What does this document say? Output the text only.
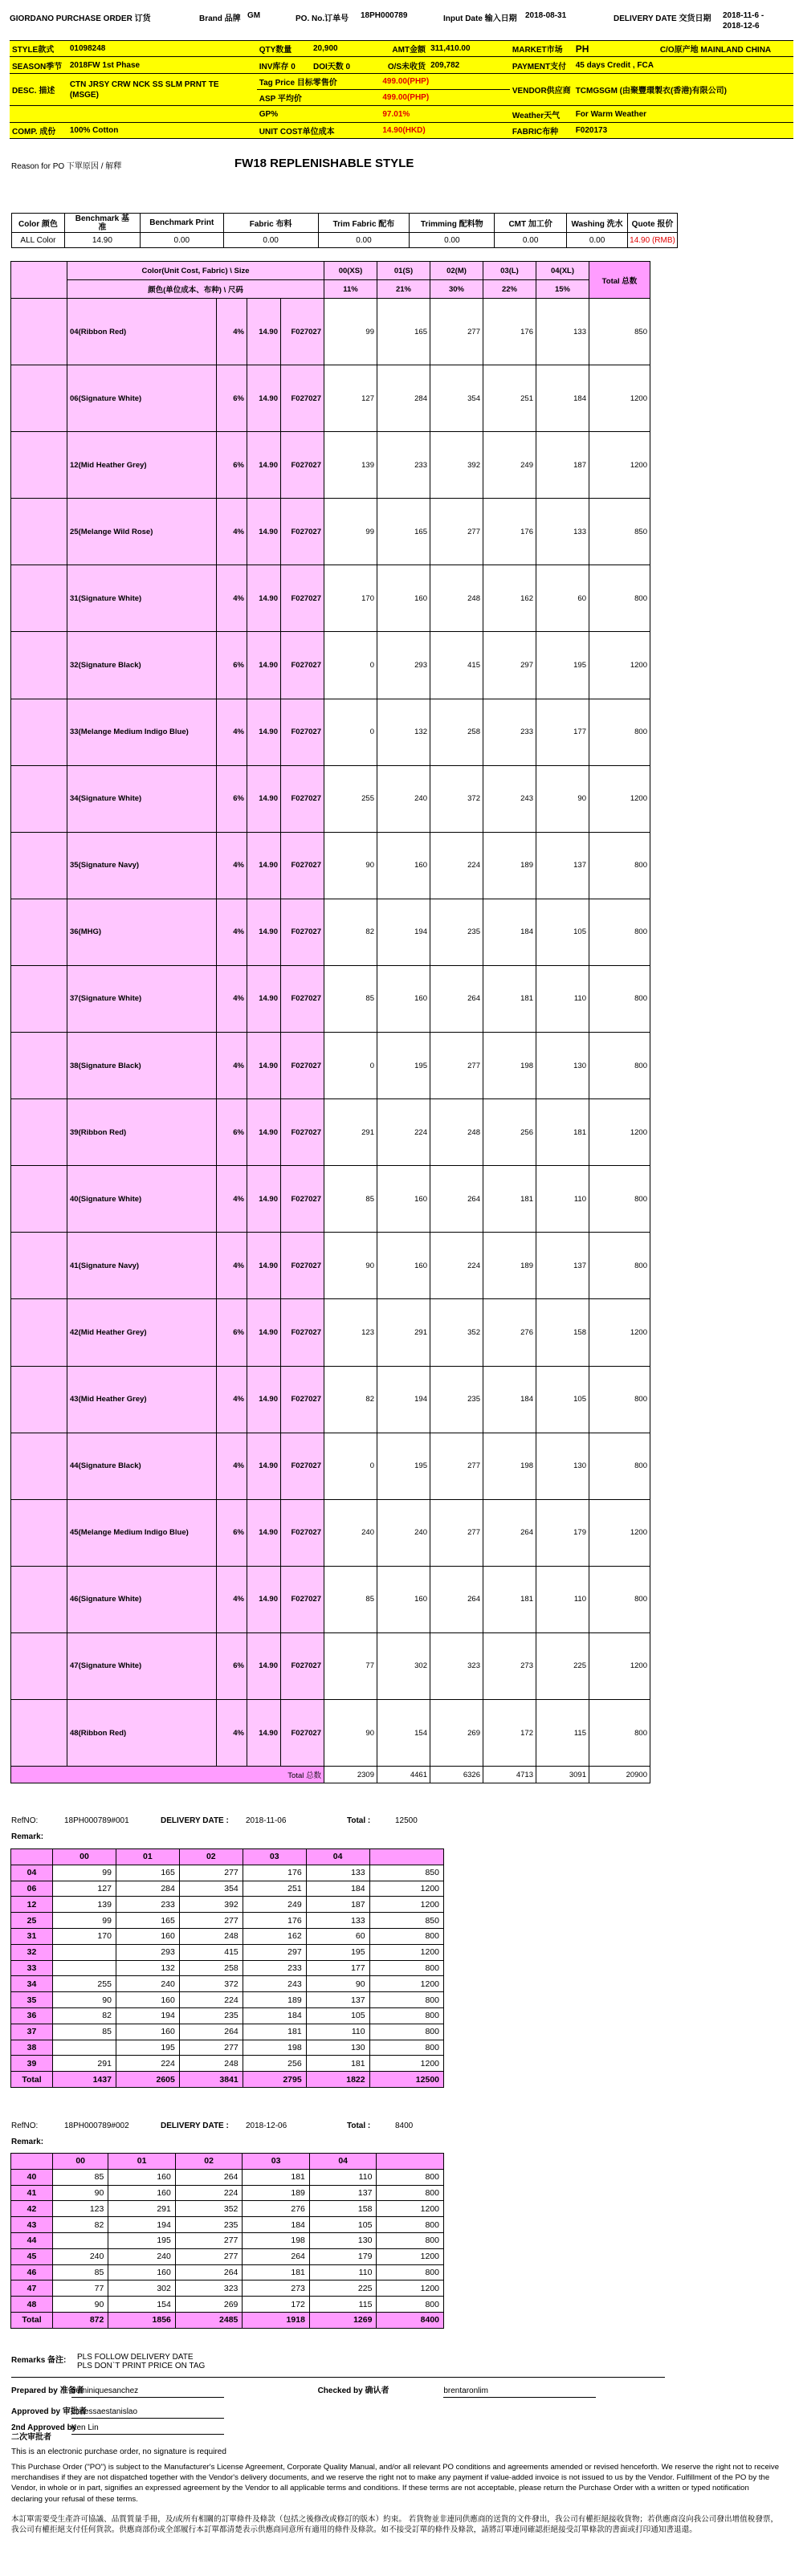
GIORDANO PURCHASE ORDER 订货	Brand 品牌 GM	PO. No.订单号 18PH000789	Input Date 输入日期 2018-08-31	DELIVERY DATE 交货日期 2018-11-6 -
2018-12-6
STYLE款式	01098248	QTY数量	20,900	AMT金额	311,410.00	MARKET市场	PH	C/O原产地 MAINLAND CHINA
SEASON季节	2018FW 1st Phase	INV库存 0	DOI天数 0	O/S未收货	209,782	PAYMENT支付	45 days Credit , FCA	
DESC. 描述	CTN JRSY CRW NCK SS SLM PRNT TE
(MSGE)	Tag Price 目标零售价		499.00(PHP)		VENDOR供应商	TCMGSGM (由聚豐環製衣(香港)有限公司)	
		ASP 平均价		499.00(PHP)				
		GP%		97.01%		Weather天气	For Warm Weather	
COMP. 成份	100% Cotton	UNIT COST单位成本		14.90(HKD)		FABRIC布种	F020173	
Reason for PO 下單原因 / 解釋	FW18 REPLENISHABLE STYLE
Color 颜色	Benchmark 基
准	Benchmark Print	Fabric 布料	Trim Fabric 配布	Trimming 配料物	CMT 加工价	Washing 洗水	Quote 报价
ALL Color	14.90	0.00	0.00	0.00	0.00	0.00	0.00	14.90 (RMB)
	Color(Unit Cost, Fabric) \ Size				00(XS)	01(S)	02(M)	03(L)	04(XL)	Total 总数
	颜色(单位成本、布种) \ 尺码				11%	21%	30%	22%	15%	
	04(Ribbon Red)	4%	14.90	F027027	99	165	277	176	133	850
	06(Signature White)	6%	14.90	F027027	127	284	354	251	184	1200
	12(Mid Heather Grey)	6%	14.90	F027027	139	233	392	249	187	1200
	25(Melange Wild Rose)	4%	14.90	F027027	99	165	277	176	133	850
	31(Signature White)	4%	14.90	F027027	170	160	248	162	60	800
	32(Signature Black)	6%	14.90	F027027	0	293	415	297	195	1200
	33(Melange Medium Indigo Blue)	4%	14.90	F027027	0	132	258	233	177	800
	34(Signature White)	6%	14.90	F027027	255	240	372	243	90	1200
	35(Signature Navy)	4%	14.90	F027027	90	160	224	189	137	800
	36(MHG)	4%	14.90	F027027	82	194	235	184	105	800
	37(Signature White)	4%	14.90	F027027	85	160	264	181	110	800
	38(Signature Black)	4%	14.90	F027027	0	195	277	198	130	800
	39(Ribbon Red)	6%	14.90	F027027	291	224	248	256	181	1200
	40(Signature White)	4%	14.90	F027027	85	160	264	181	110	800
	41(Signature Navy)	4%	14.90	F027027	90	160	224	189	137	800
	42(Mid Heather Grey)	6%	14.90	F027027	123	291	352	276	158	1200
	43(Mid Heather Grey)	4%	14.90	F027027	82	194	235	184	105	800
	44(Signature Black)	4%	14.90	F027027	0	195	277	198	130	800
	45(Melange Medium Indigo Blue)	6%	14.90	F027027	240	240	277	264	179	1200
	46(Signature White)	4%	14.90	F027027	85	160	264	181	110	800
	47(Signature White)	6%	14.90	F027027	77	302	323	273	225	1200
	48(Ribbon Red)	4%	14.90	F027027	90	154	269	172	115	800
Total 总数					2309	4461	6326	4713	3091	20900
RefNO:	18PH000789#001	DELIVERY DATE : 2018-11-06	Total :	12500
Remark:
	00	01	02	03	04	
04	99	165	277	176	133	850
06	127	284	354	251	184	1200
12	139	233	392	249	187	1200
25	99	165	277	176	133	850
31	170	160	248	162	60	800
32		293	415	297	195	1200
33		132	258	233	177	800
34	255	240	372	243	90	1200
35	90	160	224	189	137	800
36	82	194	235	184	105	800
37	85	160	264	181	110	800
38		195	277	198	130	800
39	291	224	248	256	181	1200
Total	1437	2605	3841	2795	1822	12500
RefNO:	18PH000789#002	DELIVERY DATE : 2018-12-06	Total :	8400
Remark:
	00	01	02	03	04	
40	85	160	264	181	110	800
41	90	160	224	189	137	800
42	123	291	352	276	158	1200
43	82	194	235	184	105	800
44		195	277	198	130	800
45	240	240	277	264	179	1200
46	85	160	264	181	110	800
47	77	302	323	273	225	1200
48	90	154	269	172	115	800
Total	872	1856	2485	1918	1269	8400
Remarks 备注:	PLS FOLLOW DELIVERY DATE
PLS DON`T PRINT PRICE ON TAG
Prepared by 准备者 dominiquesanchez	Checked by 确认者	brentaronlim
Approved by 审批者 vanessaestanislao
2nd Approved by
二次审批者 Ken Lin
This is an electronic purchase order, no signature is required
This Purchase Order ("PO") is subject to the Manufacturer's License Agreement, Corporate Quality Manual, and/or all relevant PO conditions and agreements amended or revised henceforth. We reserve the right not to receive merchandises if they are not dispatched together with the Vendor's delivery documents, and we reserve the right not to make any payment if value-added invoice is not issued to us by the Vendor. Fulfillment of the PO by the Vendor, in whole or in part, signifies an expressed agreement by the Vendor to all applicable terms and conditions. If these terms are not acceptable, please return the Purchase Order with a written or typed notification declaring your refusal of these terms.
本訂單需要受生產許可協議、品質質量手冊，及/或所有相關的訂單條件及條款（包括之後修改或修訂的版本）約束。 若貨物並非連同供應商的送貨的文件發出，我公司有權拒絕接收貨物；若供應商沒向我公司發出增值稅發票，我公司有權拒絕支付任何貨款。供應商部份或全部履行本訂單都清楚表示供應商同意所有適用的條件及條款。如不接受訂單的條件及條款，請將訂單連同確認拒絕接受訂單條款的書面或打印通知書退還。
